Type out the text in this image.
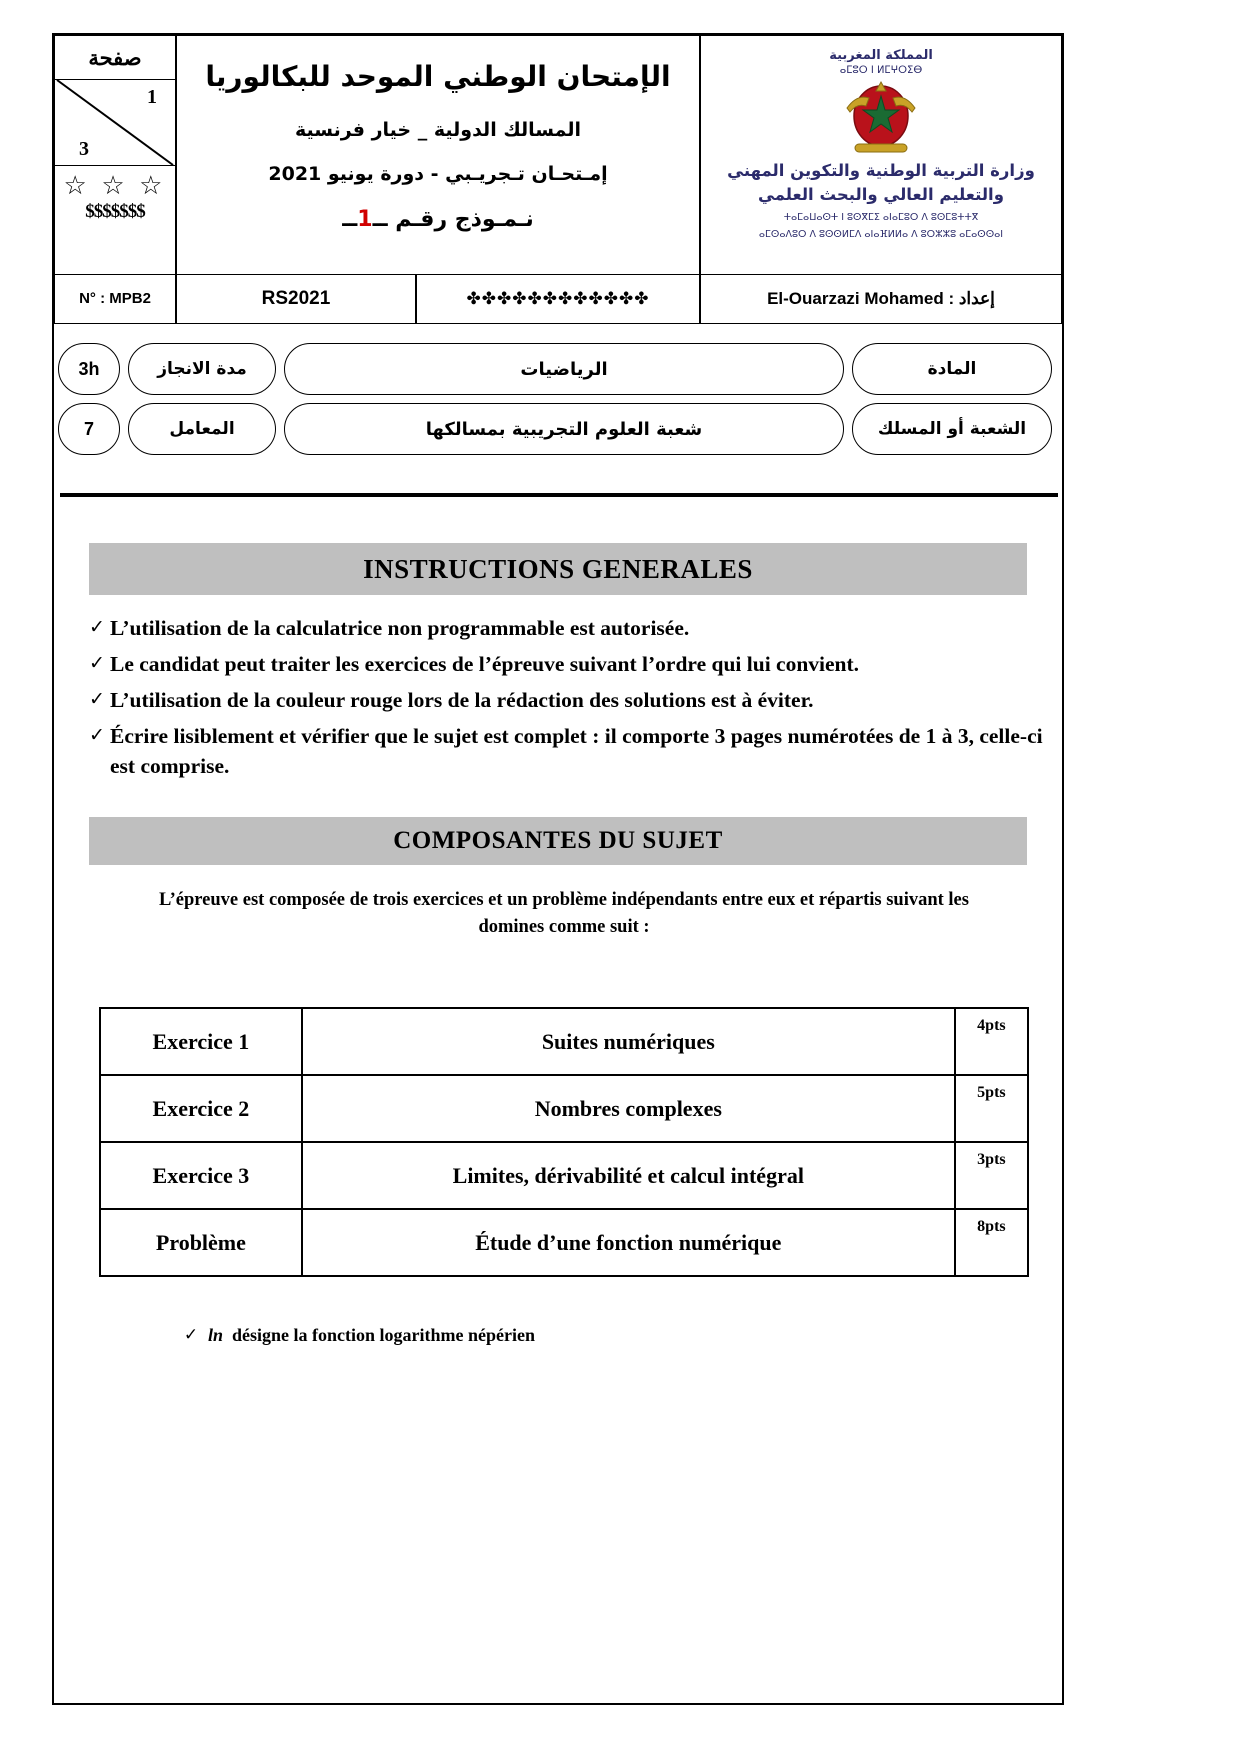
صفحة
1
3
☆ ☆ ☆
$$$$$$$
الإمتحان الوطني الموحد للبكالوريا
المسالك الدولية _ خيار فرنسية
إمـتحـان تـجريـبي - دورة يونيو 2021
نـمـوذج رقـم ــ1ــ
المملكة المغربية
ⴰⵎⵓⵔ ⵏ ⵍⵎⵖⵔⵉⴱ
وزارة التربية الوطنية والتكوين المهني
والتعليم العالي والبحث العلمي
ⵜⴰⵎⴰⵡⴰⵙⵜ ⵏ ⵓⵙⴳⵎⵉ ⴰⵏⴰⵎⵓⵔ ⴷ ⵓⵙⵎⵓⵜⵜⴳ
ⴰⵎⵙⴰⴷⵓⵔ ⴷ ⵓⵙⵙⵍⵎⴷ ⴰⵏⴰⴼⵍⵍⴰ ⴷ ⵓⵔⵣⵣⵓ ⴰⵎⴰⵙⵙⴰⵏ
N° : MPB2	RS2021	✤✤✤✤✤✤✤✤✤✤✤✤	إعداد : El-Ouarzazi Mohamed
3h	مدة الانجاز	الرياضيات	المادة
7	المعامل	شعبة العلوم التجريبية بمسالكها	الشعبة أو المسلك
INSTRUCTIONS GENERALES
✓ L’utilisation de la calculatrice non programmable est autorisée.
✓ Le candidat peut traiter les exercices de l’épreuve suivant l’ordre qui lui convient.
✓ L’utilisation de la couleur rouge lors de la rédaction des solutions est à éviter.
✓ Écrire lisiblement et vérifier que le sujet est complet : il comporte 3 pages numérotées de 1 à 3, celle-ci est comprise.
COMPOSANTES DU SUJET
L’épreuve est composée de trois exercices et un problème indépendants entre eux et répartis suivant les domines comme suit :
Exercice 1	Suites numériques	4pts
Exercice 2	Nombres complexes	5pts
Exercice 3	Limites, dérivabilité et calcul intégral	3pts
Problème	Étude d’une fonction numérique	8pts
✓ ln désigne la fonction logarithme népérien
